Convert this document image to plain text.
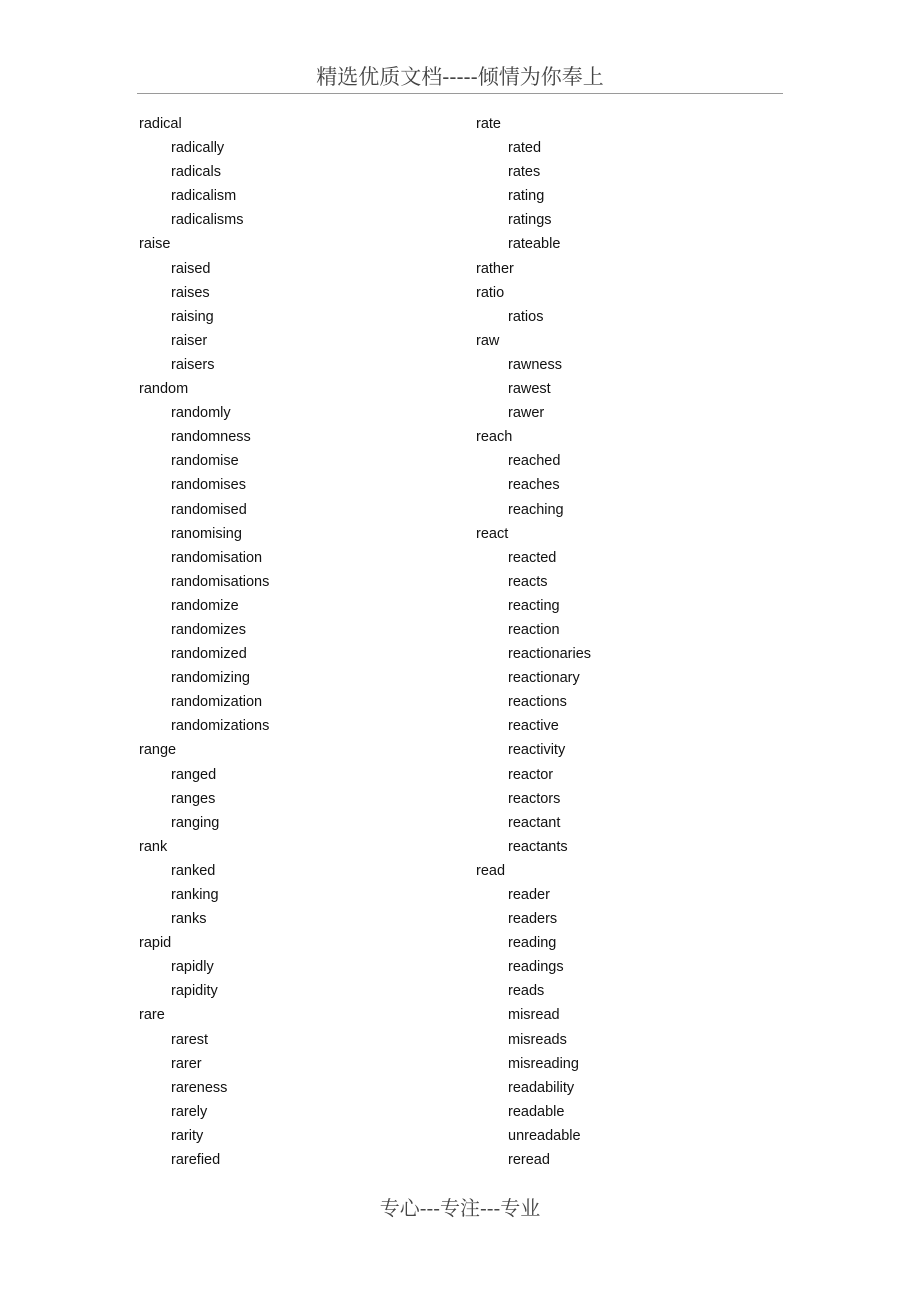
精选优质文档-----倾情为你奉上
radical
radically
radicals
radicalism
radicalisms
raise
raised
raises
raising
raiser
raisers
random
randomly
randomness
randomise
randomises
randomised
ranomising
randomisation
randomisations
randomize
randomizes
randomized
randomizing
randomization
randomizations
range
ranged
ranges
ranging
rank
ranked
ranking
ranks
rapid
rapidly
rapidity
rare
rarest
rarer
rareness
rarely
rarity
rarefied
rate
rated
rates
rating
ratings
rateable
rather
ratio
ratios
raw
rawness
rawest
rawer
reach
reached
reaches
reaching
react
reacted
reacts
reacting
reaction
reactionaries
reactionary
reactions
reactive
reactivity
reactor
reactors
reactant
reactants
read
reader
readers
reading
readings
reads
misread
misreads
misreading
readability
readable
unreadable
reread
专心---专注---专业
